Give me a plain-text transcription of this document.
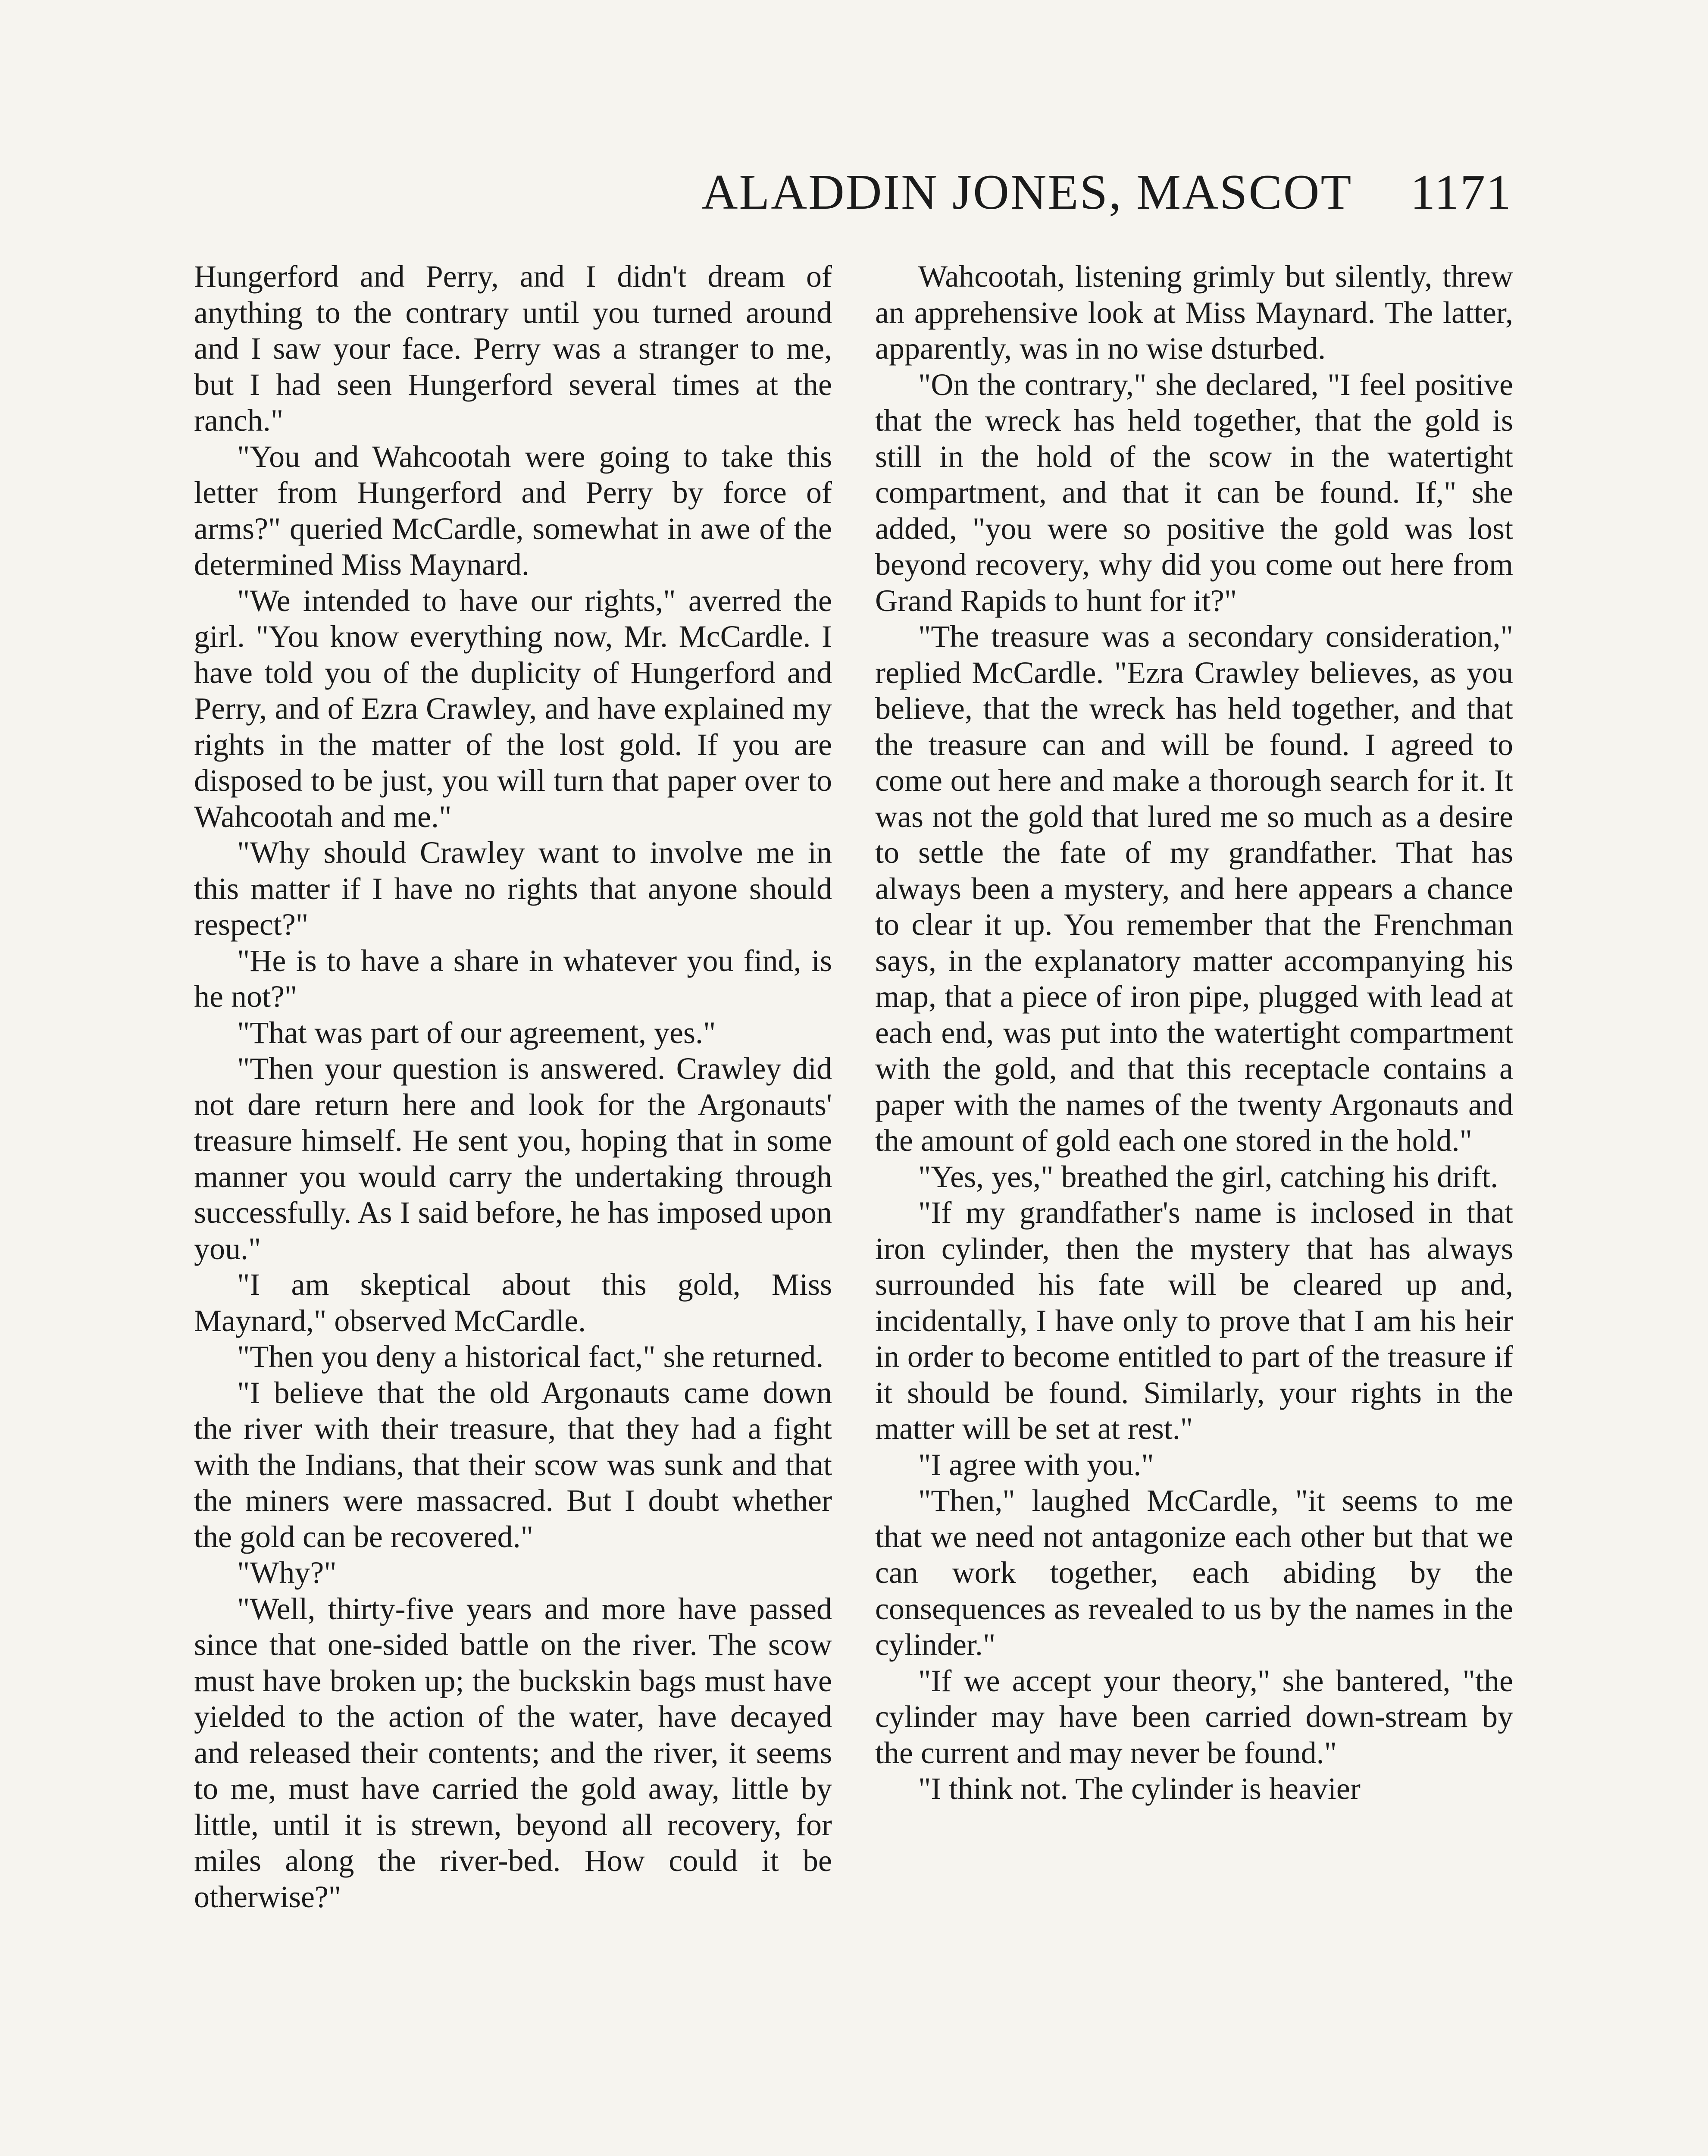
ALADDIN JONES, MASCOT	1171

Hungerford and Perry, and I didn't dream of anything to the contrary until you turned around and I saw your face. Perry was a stranger to me, but I had seen Hungerford several times at the ranch."

"You and Wahcootah were going to take this letter from Hungerford and Perry by force of arms?" queried McCardle, somewhat in awe of the determined Miss Maynard.

"We intended to have our rights," averred the girl. "You know everything now, Mr. McCardle. I have told you of the duplicity of Hungerford and Perry, and of Ezra Crawley, and have explained my rights in the matter of the lost gold. If you are disposed to be just, you will turn that paper over to Wahcootah and me."

"Why should Crawley want to involve me in this matter if I have no rights that anyone should respect?"

"He is to have a share in whatever you find, is he not?"

"That was part of our agreement, yes."

"Then your question is answered. Crawley did not dare return here and look for the Argonauts' treasure himself. He sent you, hoping that in some manner you would carry the undertaking through successfully. As I said before, he has imposed upon you."

"I am skeptical about this gold, Miss Maynard," observed McCardle.

"Then you deny a historical fact," she returned.

"I believe that the old Argonauts came down the river with their treasure, that they had a fight with the Indians, that their scow was sunk and that the miners were massacred. But I doubt whether the gold can be recovered."

"Why?"

"Well, thirty-five years and more have passed since that one-sided battle on the river. The scow must have broken up; the buckskin bags must have yielded to the action of the water, have decayed and released their contents; and the river, it seems to me, must have carried the gold away, little by little, until it is strewn, beyond all recovery, for miles along the river-bed. How could it be otherwise?"

Wahcootah, listening grimly but silently, threw an apprehensive look at Miss Maynard. The latter, apparently, was in no wise dsturbed.

"On the contrary," she declared, "I feel positive that the wreck has held together, that the gold is still in the hold of the scow in the watertight compartment, and that it can be found. If," she added, "you were so positive the gold was lost beyond recovery, why did you come out here from Grand Rapids to hunt for it?"

"The treasure was a secondary consideration," replied McCardle. "Ezra Crawley believes, as you believe, that the wreck has held together, and that the treasure can and will be found. I agreed to come out here and make a thorough search for it. It was not the gold that lured me so much as a desire to settle the fate of my grandfather. That has always been a mystery, and here appears a chance to clear it up. You remember that the Frenchman says, in the explanatory matter accompanying his map, that a piece of iron pipe, plugged with lead at each end, was put into the watertight compartment with the gold, and that this receptacle contains a paper with the names of the twenty Argonauts and the amount of gold each one stored in the hold."

"Yes, yes," breathed the girl, catching his drift.

"If my grandfather's name is inclosed in that iron cylinder, then the mystery that has always surrounded his fate will be cleared up and, incidentally, I have only to prove that I am his heir in order to become entitled to part of the treasure if it should be found. Similarly, your rights in the matter will be set at rest."

"I agree with you."

"Then," laughed McCardle, "it seems to me that we need not antagonize each other but that we can work together, each abiding by the consequences as revealed to us by the names in the cylinder."

"If we accept your theory," she bantered, "the cylinder may have been carried down-stream by the current and may never be found."

"I think not. The cylinder is heavier
